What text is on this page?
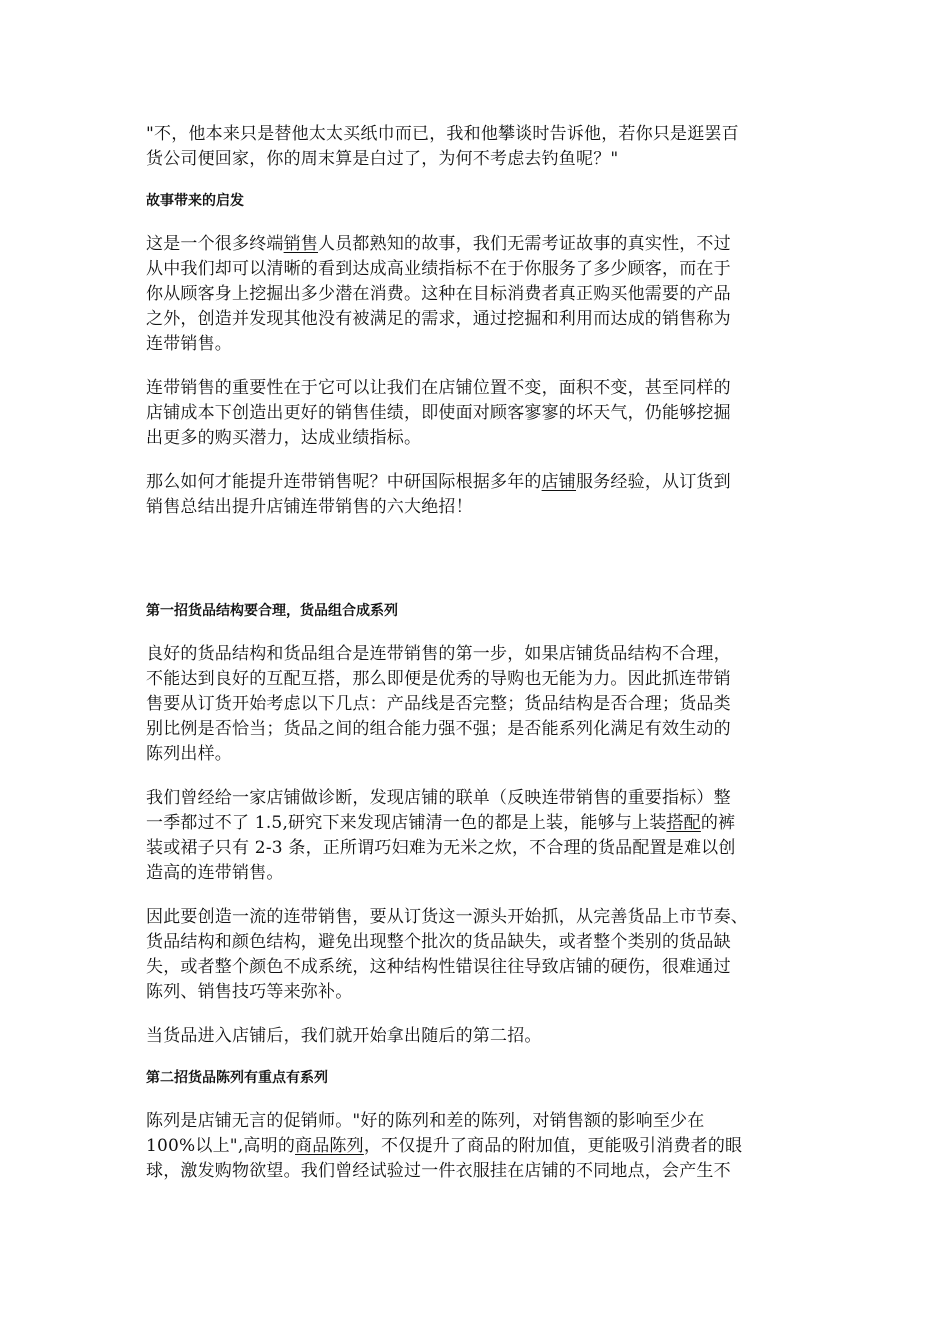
"不，他本来只是替他太太买纸巾而已，我和他攀谈时告诉他，若你只是逛罢百
货公司便回家，你的周末算是白过了，为何不考虑去钓鱼呢？"
故事带来的启发
这是一个很多终端销售人员都熟知的故事，我们无需考证故事的真实性，不过
从中我们却可以清晰的看到达成高业绩指标不在于你服务了多少顾客，而在于
你从顾客身上挖掘出多少潜在消费。这种在目标消费者真正购买他需要的产品
之外，创造并发现其他没有被满足的需求，通过挖掘和利用而达成的销售称为
连带销售。
连带销售的重要性在于它可以让我们在店铺位置不变，面积不变，甚至同样的
店铺成本下创造出更好的销售佳绩，即使面对顾客寥寥的坏天气，仍能够挖掘
出更多的购买潜力，达成业绩指标。
那么如何才能提升连带销售呢？中研国际根据多年的店铺服务经验，从订货到
销售总结出提升店铺连带销售的六大绝招！
第一招货品结构要合理，货品组合成系列
良好的货品结构和货品组合是连带销售的第一步，如果店铺货品结构不合理，
不能达到良好的互配互搭，那么即便是优秀的导购也无能为力。因此抓连带销
售要从订货开始考虑以下几点：产品线是否完整；货品结构是否合理；货品类
别比例是否恰当；货品之间的组合能力强不强；是否能系列化满足有效生动的
陈列出样。
我们曾经给一家店铺做诊断，发现店铺的联单（反映连带销售的重要指标）整
一季都过不了 1.5,研究下来发现店铺清一色的都是上装，能够与上装搭配的裤
装或裙子只有 2-3 条，正所谓巧妇难为无米之炊，不合理的货品配置是难以创
造高的连带销售。
因此要创造一流的连带销售，要从订货这一源头开始抓，从完善货品上市节奏、
货品结构和颜色结构，避免出现整个批次的货品缺失，或者整个类别的货品缺
失，或者整个颜色不成系统，这种结构性错误往往导致店铺的硬伤，很难通过
陈列、销售技巧等来弥补。
当货品进入店铺后，我们就开始拿出随后的第二招。
第二招货品陈列有重点有系列
陈列是店铺无言的促销师。"好的陈列和差的陈列，对销售额的影响至少在
100%以上",高明的商品陈列，不仅提升了商品的附加值，更能吸引消费者的眼
球，激发购物欲望。我们曾经试验过一件衣服挂在店铺的不同地点，会产生不
